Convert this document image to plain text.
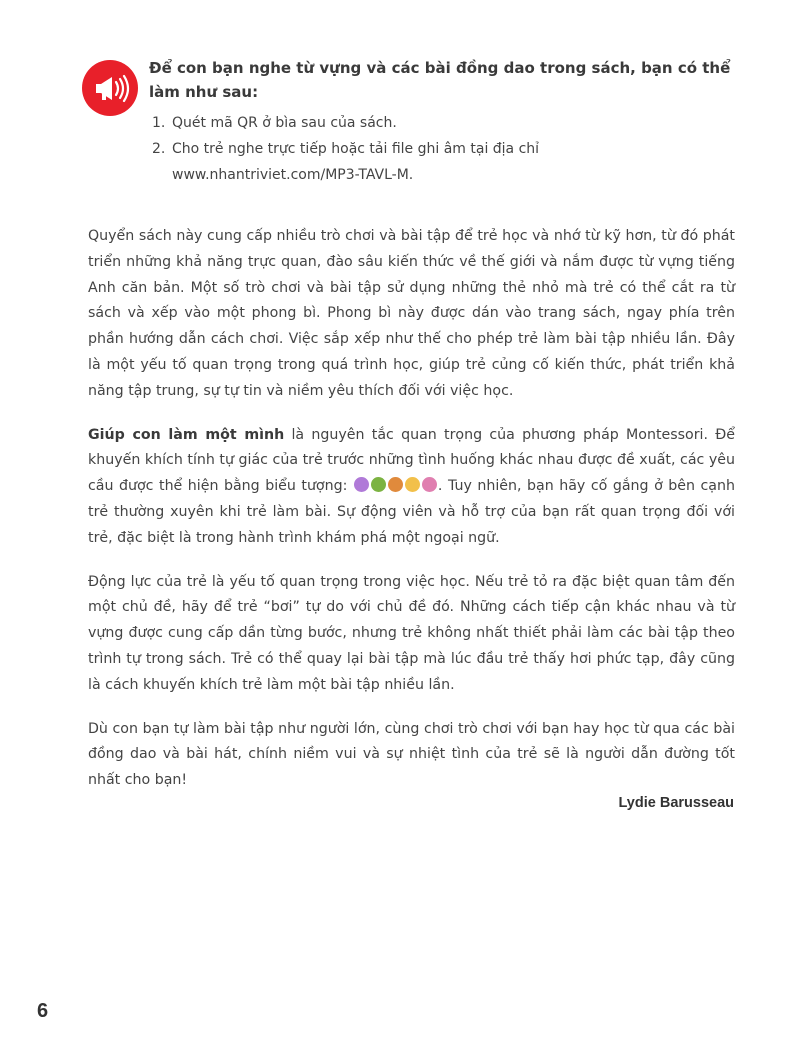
Để con bạn nghe từ vựng và các bài đồng dao trong sách, bạn có thể làm như sau:
1. Quét mã QR ở bìa sau của sách.
2. Cho trẻ nghe trực tiếp hoặc tải file ghi âm tại địa chỉ
www.nhantriviet.com/MP3-TAVL-M.

Quyển sách này cung cấp nhiều trò chơi và bài tập để trẻ học và nhớ từ kỹ hơn, từ đó phát triển những khả năng trực quan, đào sâu kiến thức về thế giới và nắm được từ vựng tiếng Anh căn bản. Một số trò chơi và bài tập sử dụng những thẻ nhỏ mà trẻ có thể cắt ra từ sách và xếp vào một phong bì. Phong bì này được dán vào trang sách, ngay phía trên phần hướng dẫn cách chơi. Việc sắp xếp như thế cho phép trẻ làm bài tập nhiều lần. Đây là một yếu tố quan trọng trong quá trình học, giúp trẻ củng cố kiến thức, phát triển khả năng tập trung, sự tự tin và niềm yêu thích đối với việc học.

Giúp con làm một mình là nguyên tắc quan trọng của phương pháp Montessori. Để khuyến khích tính tự giác của trẻ trước những tình huống khác nhau được đề xuất, các yêu cầu được thể hiện bằng biểu tượng:	. Tuy nhiên, bạn hãy cố gắng ở bên cạnh trẻ thường xuyên khi trẻ làm bài. Sự động viên và hỗ trợ của bạn rất quan trọng đối với trẻ, đặc biệt là trong hành trình khám phá một ngoại ngữ.

Động lực của trẻ là yếu tố quan trọng trong việc học. Nếu trẻ tỏ ra đặc biệt quan tâm đến một chủ đề, hãy để trẻ “bơi” tự do với chủ đề đó. Những cách tiếp cận khác nhau và từ vựng được cung cấp dần từng bước, nhưng trẻ không nhất thiết phải làm các bài tập theo trình tự trong sách. Trẻ có thể quay lại bài tập mà lúc đầu trẻ thấy hơi phức tạp, đây cũng là cách khuyến khích trẻ làm một bài tập nhiều lần.

Dù con bạn tự làm bài tập như người lớn, cùng chơi trò chơi với bạn hay học từ qua các bài đồng dao và bài hát, chính niềm vui và sự nhiệt tình của trẻ sẽ là người dẫn đường tốt nhất cho bạn!

Lydie Barusseau
6
